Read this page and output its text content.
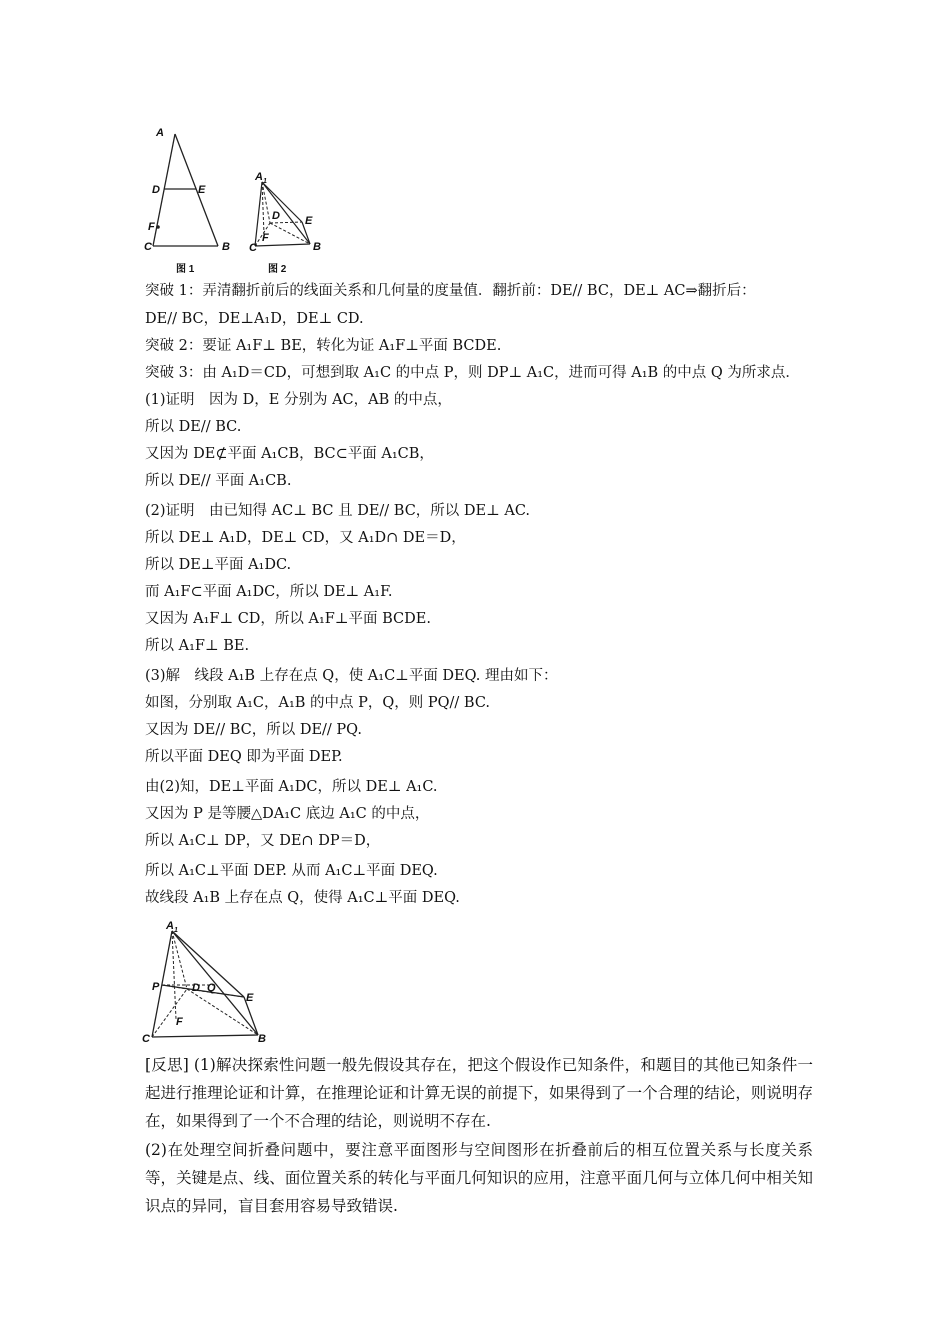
A
D	E
F
C	B
图 1
A 1
D E
F
C	B
图 2
突破 1：弄清翻折前后的线面关系和几何量的度量值．翻折前：DE// BC，DE⊥ AC⇒翻折后：
DE// BC，DE⊥A₁D，DE⊥ CD.
突破 2：要证 A₁F⊥ BE，转化为证 A₁F⊥平面 BCDE.
突破 3：由 A₁D＝CD，可想到取 A₁C 的中点 P，则 DP⊥ A₁C，进而可得 A₁B 的中点 Q 为所求点．
(1)证明　因为 D，E 分别为 AC，AB 的中点，
所以 DE// BC.
又因为 DE⊄平面 A₁CB，BC⊂平面 A₁CB，
所以 DE// 平面 A₁CB.
(2)证明　由已知得 AC⊥ BC 且 DE// BC，所以 DE⊥ AC.
所以 DE⊥ A₁D，DE⊥ CD，又 A₁D∩ DE＝D，
所以 DE⊥平面 A₁DC.
而 A₁F⊂平面 A₁DC，所以 DE⊥ A₁F.
又因为 A₁F⊥ CD，所以 A₁F⊥平面 BCDE.
所以 A₁F⊥ BE.
(3)解　线段 A₁B 上存在点 Q，使 A₁C⊥平面 DEQ. 理由如下：
如图，分别取 A₁C，A₁B 的中点 P，Q，则 PQ// BC.
又因为 DE// BC，所以 DE// PQ.
所以平面 DEQ 即为平面 DEP.
由(2)知，DE⊥平面 A₁DC，所以 DE⊥ A₁C.
又因为 P 是等腰△DA₁C 底边 A₁C 的中点，
所以 A₁C⊥ DP，又 DE∩ DP＝D，
所以 A₁C⊥平面 DEP. 从而 A₁C⊥平面 DEQ.
故线段 A₁B 上存在点 Q，使得 A₁C⊥平面 DEQ.
A 1
P	D Q
E
F
C	B
[反思] (1)解决探索性问题一般先假设其存在，把这个假设作已知条件，和题目的其他已知条件一起进行推理论证和计算，在推理论证和计算无误的前提下，如果得到了一个合理的结论，则说明存在，如果得到了一个不合理的结论，则说明不存在.
(2)在处理空间折叠问题中，要注意平面图形与空间图形在折叠前后的相互位置关系与长度关系等，关键是点、线、面位置关系的转化与平面几何知识的应用，注意平面几何与立体几何中相关知识点的异同，盲目套用容易导致错误.
